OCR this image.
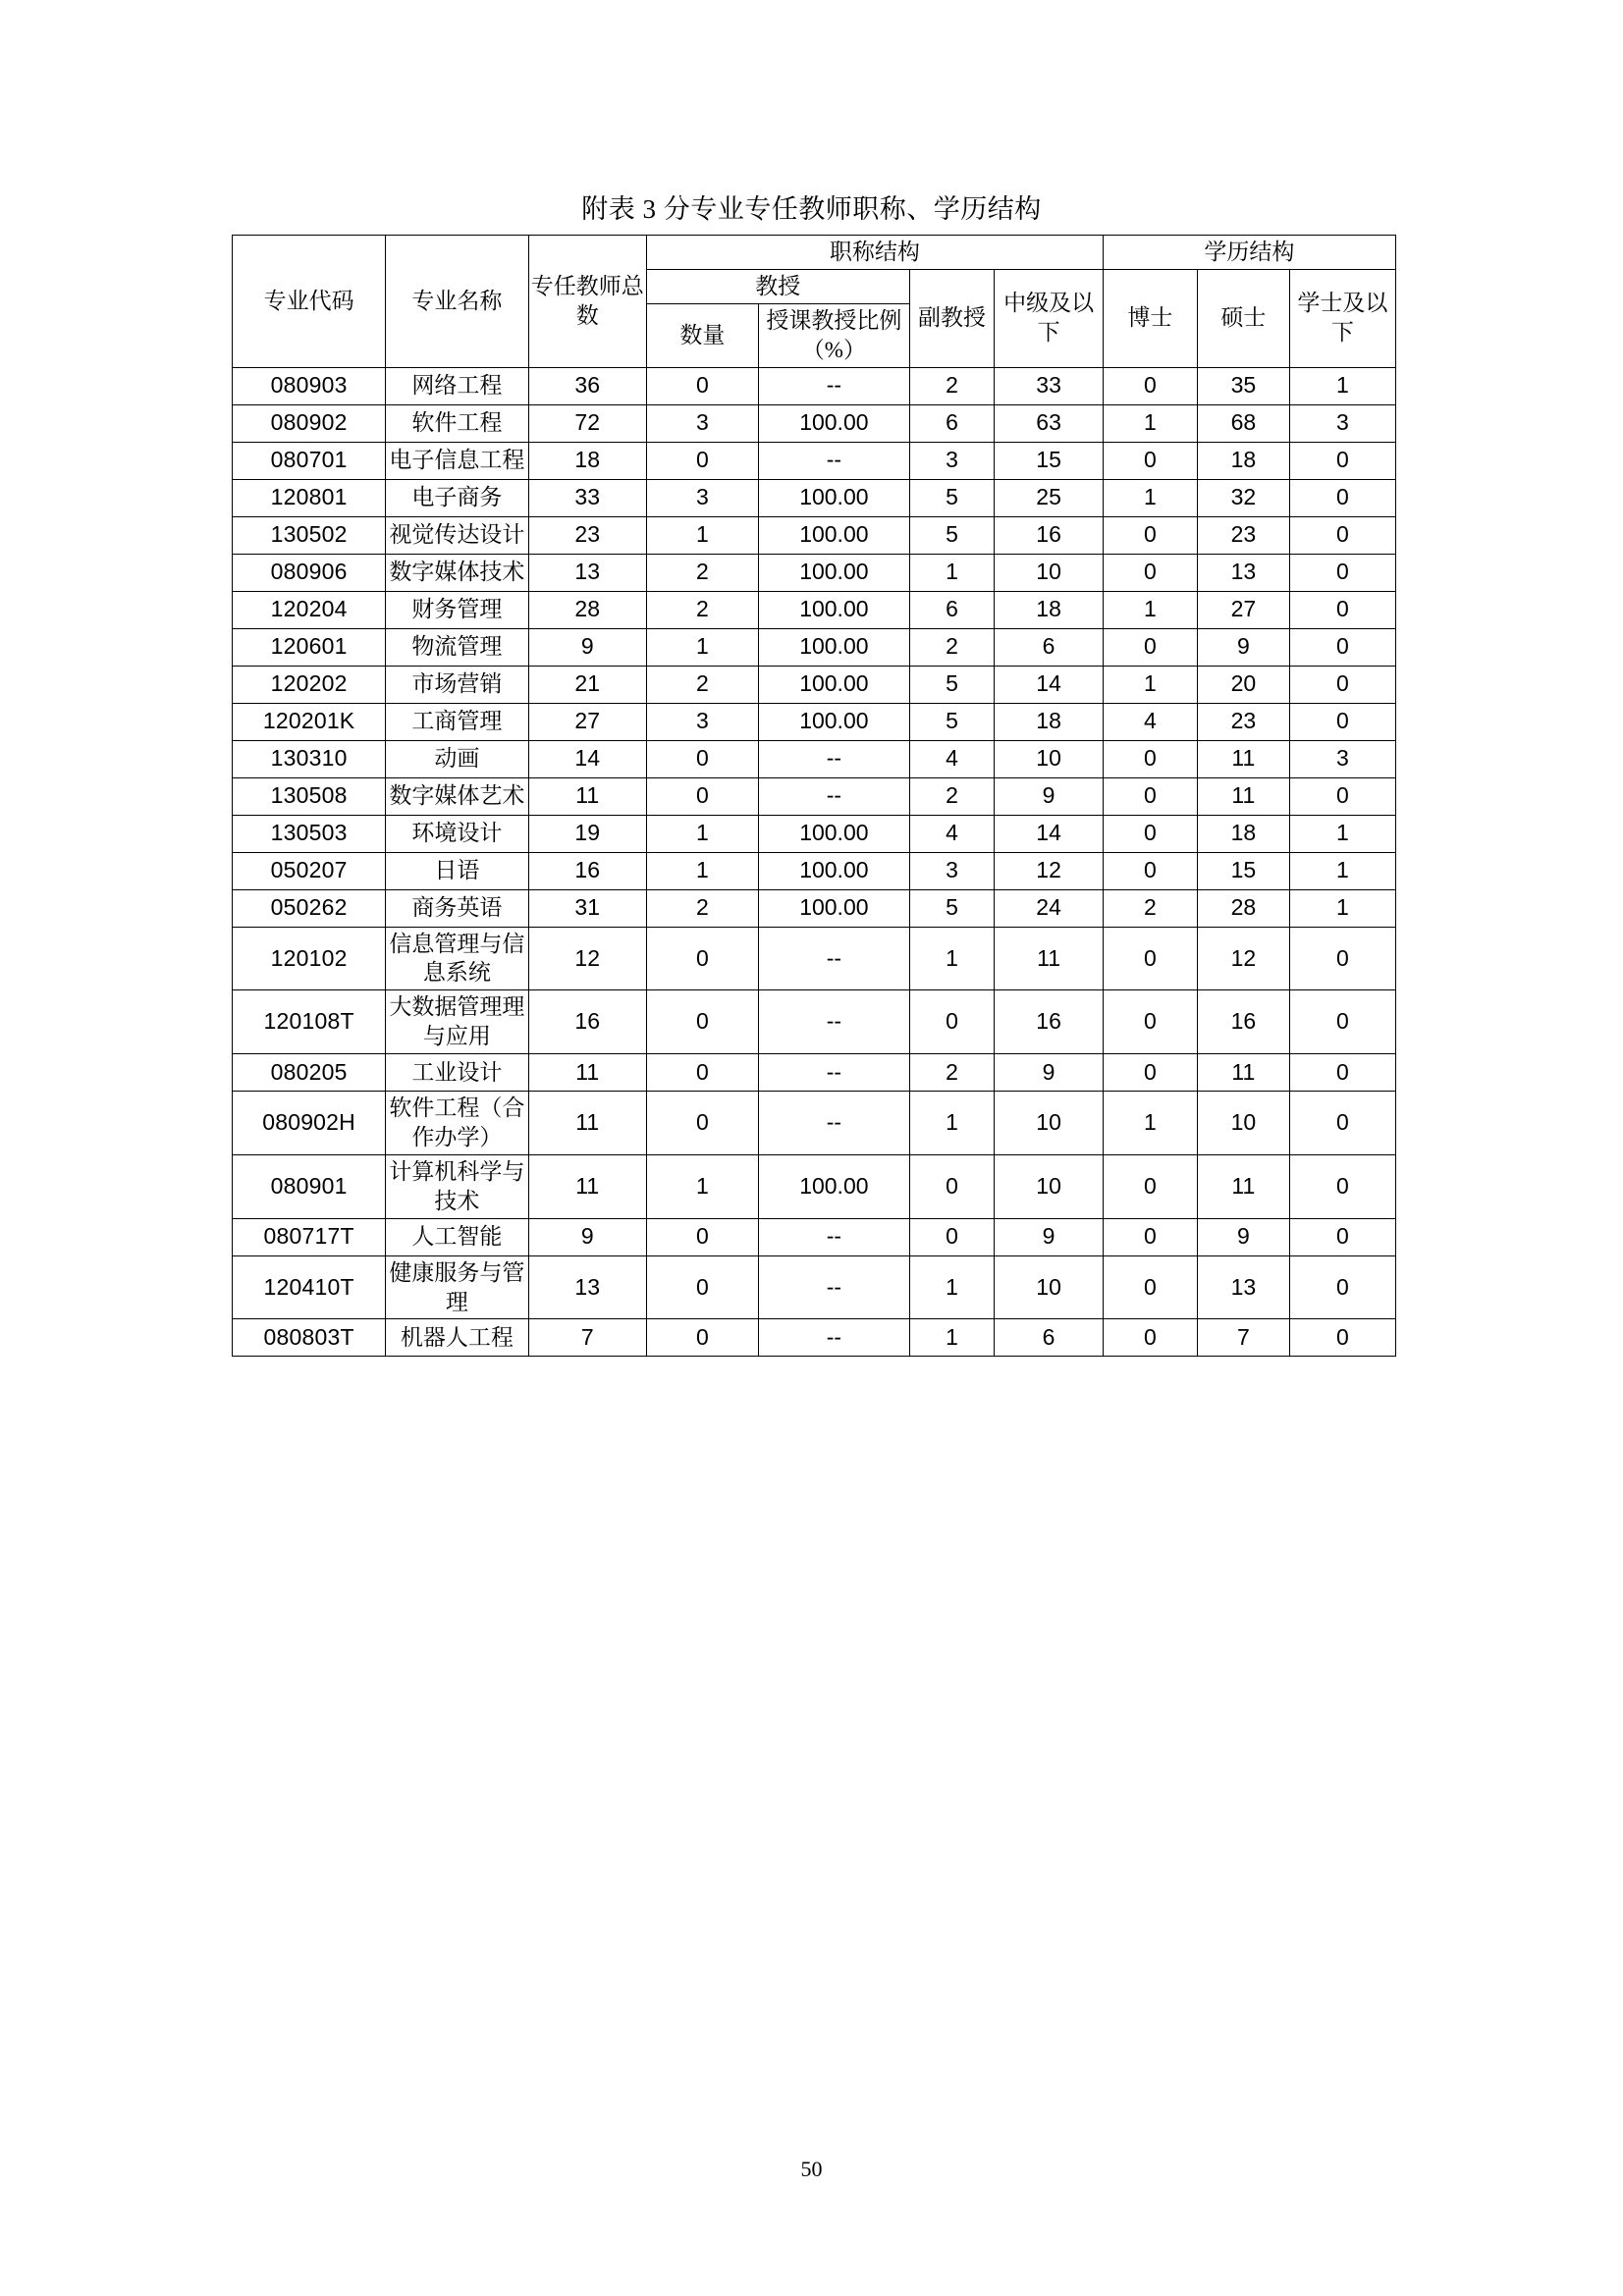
附表 3 分专业专任教师职称、学历结构
专业代码	专业名称	专任教师总数	职称结构				学历结构		
			教授		副教授	中级及以下	博士	硕士	学士及以下
			数量	授课教授比例（%）					
080903	网络工程	36	0	--	2	33	0	35	1
080902	软件工程	72	3	100.00	6	63	1	68	3
080701	电子信息工程	18	0	--	3	15	0	18	0
120801	电子商务	33	3	100.00	5	25	1	32	0
130502	视觉传达设计	23	1	100.00	5	16	0	23	0
080906	数字媒体技术	13	2	100.00	1	10	0	13	0
120204	财务管理	28	2	100.00	6	18	1	27	0
120601	物流管理	9	1	100.00	2	6	0	9	0
120202	市场营销	21	2	100.00	5	14	1	20	0
120201K	工商管理	27	3	100.00	5	18	4	23	0
130310	动画	14	0	--	4	10	0	11	3
130508	数字媒体艺术	11	0	--	2	9	0	11	0
130503	环境设计	19	1	100.00	4	14	0	18	1
050207	日语	16	1	100.00	3	12	0	15	1
050262	商务英语	31	2	100.00	5	24	2	28	1
120102	信息管理与信息系统	12	0	--	1	11	0	12	0
120108T	大数据管理理与应用	16	0	--	0	16	0	16	0
080205	工业设计	11	0	--	2	9	0	11	0
080902H	软件工程（合作办学）	11	0	--	1	10	1	10	0
080901	计算机科学与技术	11	1	100.00	0	10	0	11	0
080717T	人工智能	9	0	--	0	9	0	9	0
120410T	健康服务与管理	13	0	--	1	10	0	13	0
080803T	机器人工程	7	0	--	1	6	0	7	0
50
